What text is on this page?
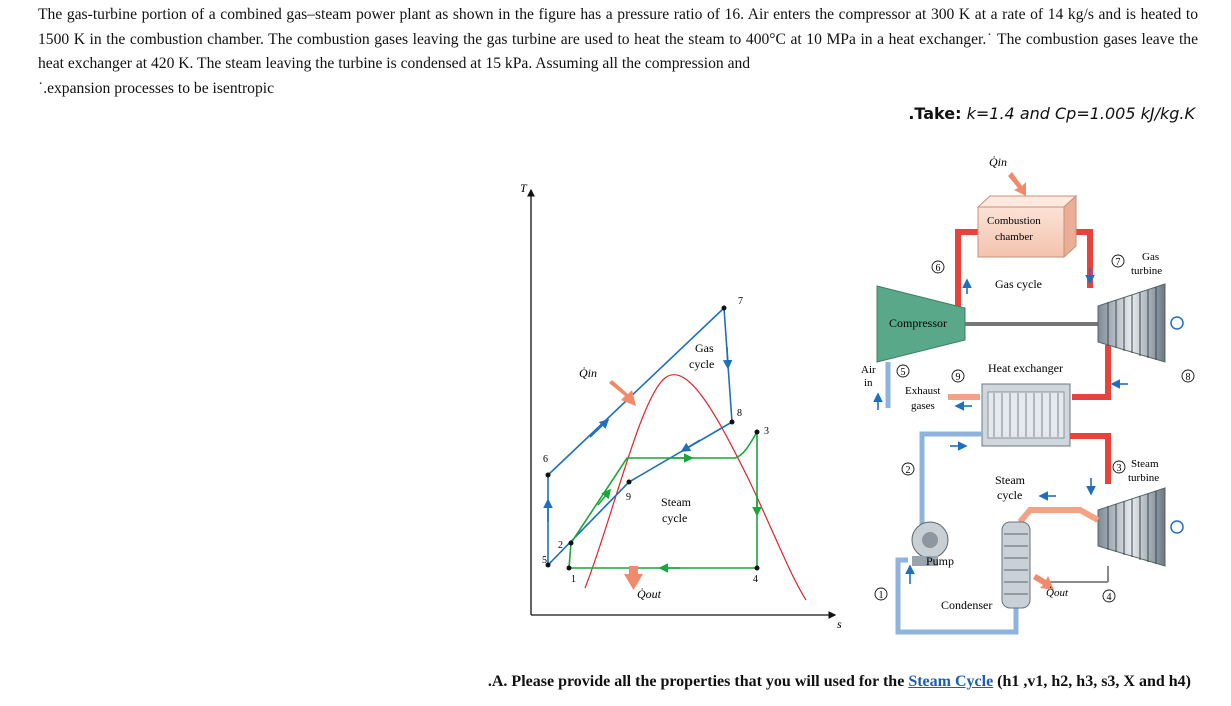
The gas-turbine portion of a combined gas–steam power plant as shown in the figure has a pressure ratio of 16. Air enters the compressor at 300 K at a rate of 14 kg/s and is heated to 1500 K in the combustion chamber. The combustion gases leaving the gas turbine are used to heat the steam to 400°C at 10 MPa in a heat exchanger.˙ The combustion gases leave the heat exchanger at 420 K. The steam leaving the turbine is condensed at 15 kPa. Assuming all the compression and
˙.expansion processes to be isentropic
.Take: k=1.4 and Cp=1.005 kJ/kg.K
T
s
1
2
3
4
5
6
7
8
9
Gas
cycle
Steam
cycle
Q̇in
Q̇out
Combustion
chamber
Q̇in
Compressor
Air
in
Gas
turbine
Gas cycle
Heat exchanger
Exhaust
gases
Steam
turbine
Steam
cycle
Condenser
Q̇out
Pump
1
2	3
4
5
6
7
8
9
.A. Please provide all the properties that you will used for the Steam Cycle (h1 ,v1, h2, h3, s3, X and h4)
